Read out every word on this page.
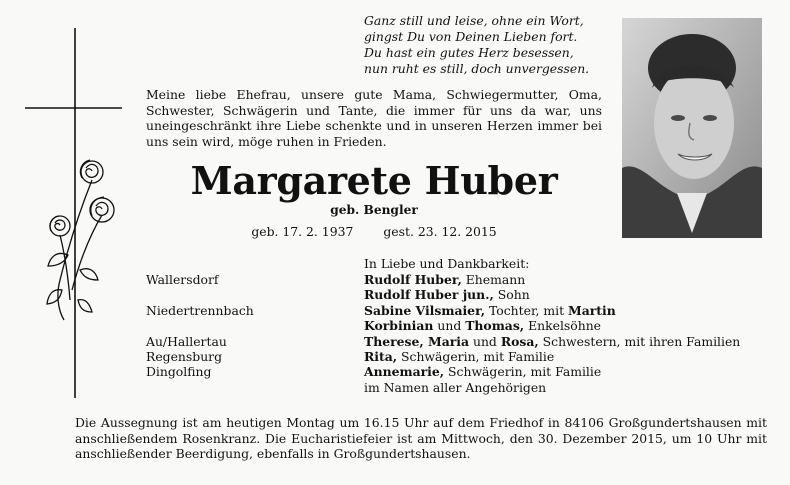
Ganz still und leise, ohne ein Wort,
gingst Du von Deinen Lieben fort.
Du hast ein gutes Herz besessen,
nun ruht es still, doch unvergessen.
Meine liebe Ehefrau, unsere gute Mama, Schwiegermutter, Oma, Schwester, Schwägerin und Tante, die immer für uns da war, uns uneingeschränkt ihre Liebe schenkte und in unseren Herzen immer bei uns sein wird, möge ruhen in Frieden.
Margarete Huber
geb. Bengler
geb. 17. 2. 1937 gest. 23. 12. 2015
In Liebe und Dankbarkeit:
Wallersdorf	Rudolf Huber, Ehemann
Rudolf Huber jun., Sohn
Niedertrennbach	Sabine Vilsmaier, Tochter, mit Martin
Korbinian und Thomas, Enkelsöhne
Au/Hallertau	Therese, Maria und Rosa, Schwestern, mit ihren Familien
Regensburg	Rita, Schwägerin, mit Familie
Dingolfing	Annemarie, Schwägerin, mit Familie
im Namen aller Angehörigen
Die Aussegnung ist am heutigen Montag um 16.15 Uhr auf dem Friedhof in 84106 Großgundertshausen mit anschließendem Rosenkranz. Die Eucharistiefeier ist am Mittwoch, den 30. Dezember 2015, um 10 Uhr mit anschließender Beerdigung, ebenfalls in Großgundertshausen.
